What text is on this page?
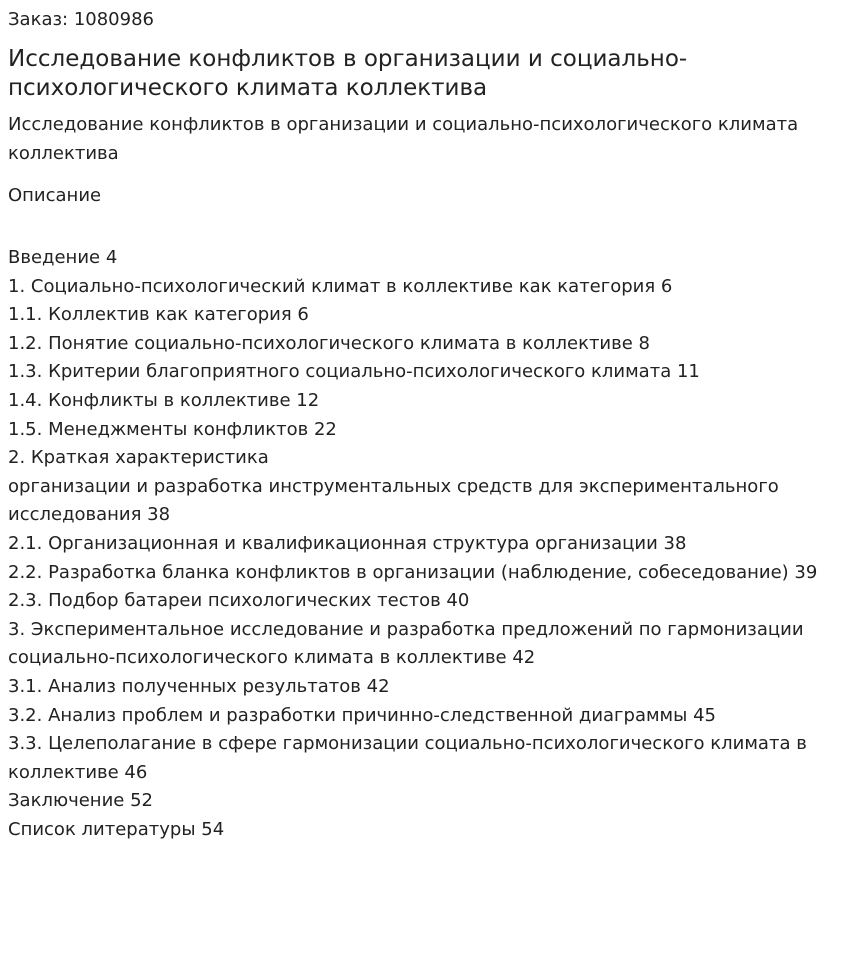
Заказ: 1080986

Исследование конфликтов в организации и социально-психологического климата коллектива

Исследование конфликтов в организации и социально-психологического климата коллектива

Описание

Введение 4
1. Социально-психологический климат в коллективе как категория 6
1.1. Коллектив как категория 6
1.2. Понятие социально-психологического климата в коллективе 8
1.3. Критерии благоприятного социально-психологического климата 11
1.4. Конфликты в коллективе 12
1.5. Менеджменты конфликтов 22
2. Краткая характеристика
организации и разработка инструментальных средств для экспериментального исследования 38
2.1. Организационная и квалификационная структура организации 38
2.2. Разработка бланка конфликтов в организации (наблюдение, собеседование) 39
2.3. Подбор батареи психологических тестов 40
3. Экспериментальное исследование и разработка предложений по гармонизации социально-психологического климата в коллективе 42
3.1. Анализ полученных результатов 42
3.2. Анализ проблем и разработки причинно-следственной диаграммы 45
3.3. Целеполагание в сфере гармонизации социально-психологического климата в коллективе 46
Заключение 52
Список литературы 54
